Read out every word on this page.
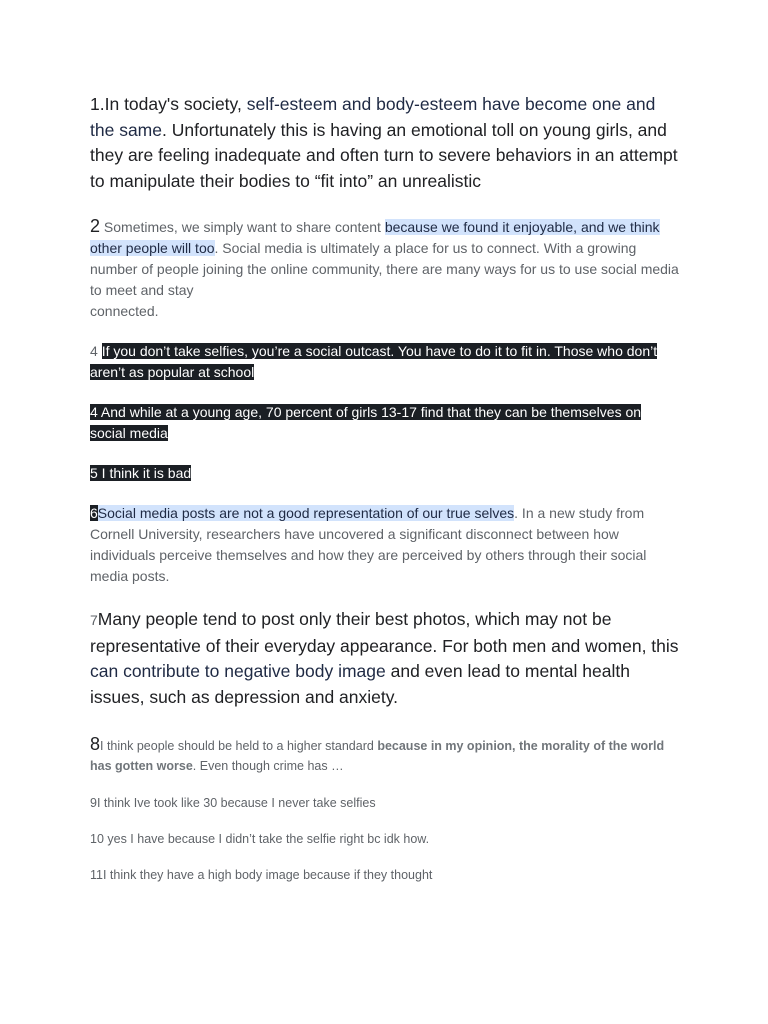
1.In today's society, self-esteem and body-esteem have become one and the same. Unfortunately this is having an emotional toll on young girls, and they are feeling inadequate and often turn to severe behaviors in an attempt to manipulate their bodies to “fit into” an unrealistic

2 Sometimes, we simply want to share content because we found it enjoyable, and we think other people will too. Social media is ultimately a place for us to connect. With a growing number of people joining the online community, there are many ways for us to use social media to meet and stay
connected.

4 If you don’t take selfies, you’re a social outcast. You have to do it to fit in. Those who don’t aren’t as popular at school

4 And while at a young age, 70 percent of girls 13-17 find that they can be themselves on social media

5 I think it is bad

6Social media posts are not a good representation of our true selves. In a new study from Cornell University, researchers have uncovered a significant disconnect between how individuals perceive themselves and how they are perceived by others through their social media posts.

7Many people tend to post only their best photos, which may not be representative of their everyday appearance. For both men and women, this can contribute to negative body image and even lead to mental health issues, such as depression and anxiety.

8I think people should be held to a higher standard because in my opinion, the morality of the world has gotten worse. Even though crime has …

9I think Ive took like 30 because I never take selfies

10 yes I have because I didn’t take the selfie right bc idk how.

11I think they have a high body image because if they thought
